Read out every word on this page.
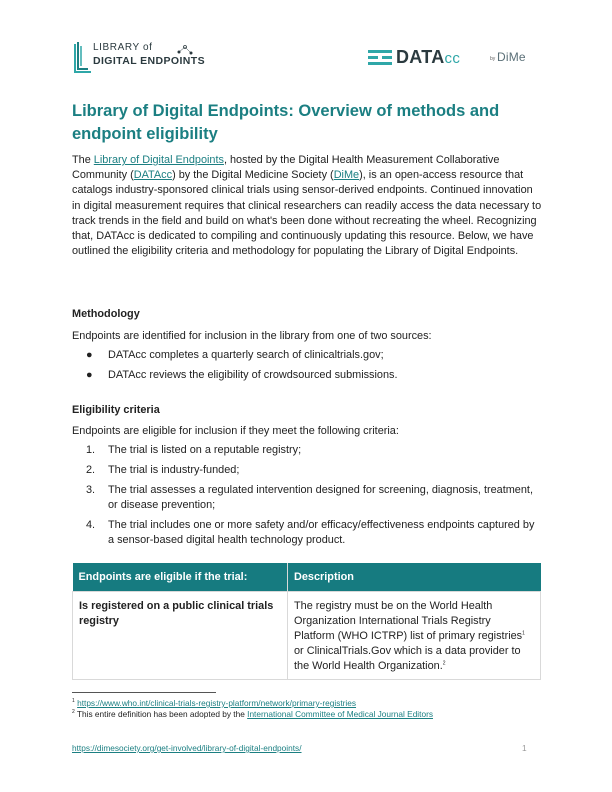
LIBRARY of
DIGITAL ENDPOINTS	DATAcc	by DiMe
Library of Digital Endpoints: Overview of methods and endpoint eligibility

The Library of Digital Endpoints, hosted by the Digital Health Measurement Collaborative Community (DATAcc) by the Digital Medicine Society (DiMe), is an open-access resource that catalogs industry-sponsored clinical trials using sensor-derived endpoints. Continued innovation in digital measurement requires that clinical researchers can readily access the data necessary to track trends in the field and build on what's been done without recreating the wheel. Recognizing that, DATAcc is dedicated to compiling and continuously updating this resource. Below, we have outlined the eligibility criteria and methodology for populating the Library of Digital Endpoints.

Methodology

Endpoints are identified for inclusion in the library from one of two sources:

● DATAcc completes a quarterly search of clinicaltrials.gov;
● DATAcc reviews the eligibility of crowdsourced submissions.
Eligibility criteria

Endpoints are eligible for inclusion if they meet the following criteria:

1. The trial is listed on a reputable registry;
2. The trial is industry-funded;
3. The trial assesses a regulated intervention designed for screening, diagnosis, treatment, or disease prevention;
4. The trial includes one or more safety and/or efficacy/effectiveness endpoints captured by a sensor-based digital health technology product.
Endpoints are eligible if the trial:	Description
Is registered on a public clinical trials registry	The registry must be on the World Health Organization International Trials Registry Platform (WHO ICTRP) list of primary registries$^1$ or ClinicalTrials.Gov which is a data provider to the World Health Organization.$^2$

$^1$ https://www.who.int/clinical-trials-registry-platform/network/primary-registries

$^2$ This entire definition has been adopted by the International Committee of Medical Journal Editors

https://dimesociety.org/get-involved/library-of-digital-endpoints/	1
